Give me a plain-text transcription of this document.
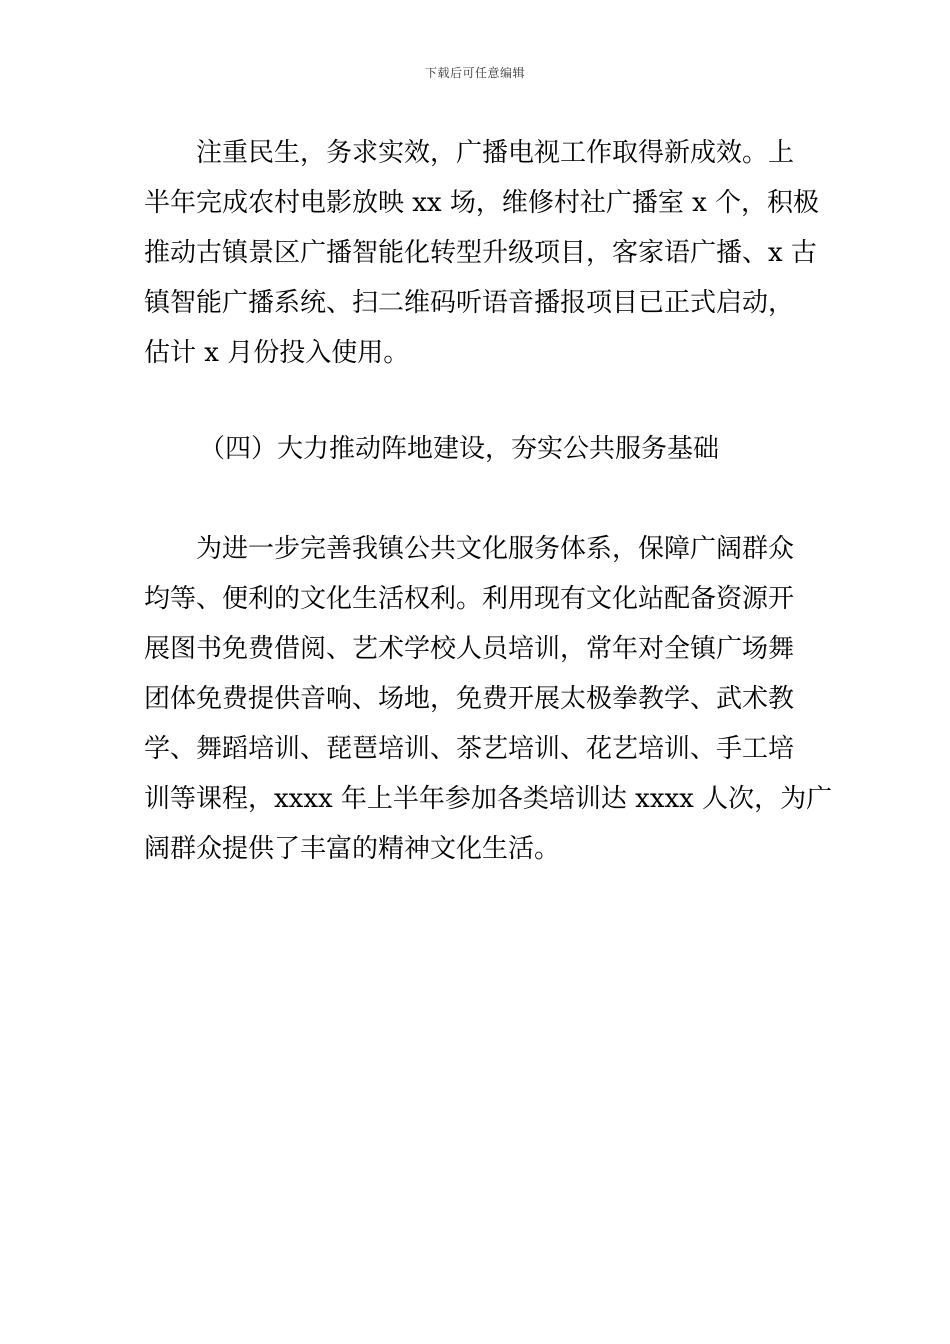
下载后可任意编辑
注重民生，务求实效，广播电视工作取得新成效。上
半年完成农村电影放映 xx 场，维修村社广播室 x 个，积极
推动古镇景区广播智能化转型升级项目，客家语广播、x 古
镇智能广播系统、扫二维码听语音播报项目已正式启动，
估计 x 月份投入使用。
（四）大力推动阵地建设，夯实公共服务基础
为进一步完善我镇公共文化服务体系，保障广阔群众
均等、便利的文化生活权利。利用现有文化站配备资源开
展图书免费借阅、艺术学校人员培训，常年对全镇广场舞
团体免费提供音响、场地，免费开展太极拳教学、武术教
学、舞蹈培训、琵琶培训、茶艺培训、花艺培训、手工培
训等课程，xxxx 年上半年参加各类培训达 xxxx 人次，为广
阔群众提供了丰富的精神文化生活。
